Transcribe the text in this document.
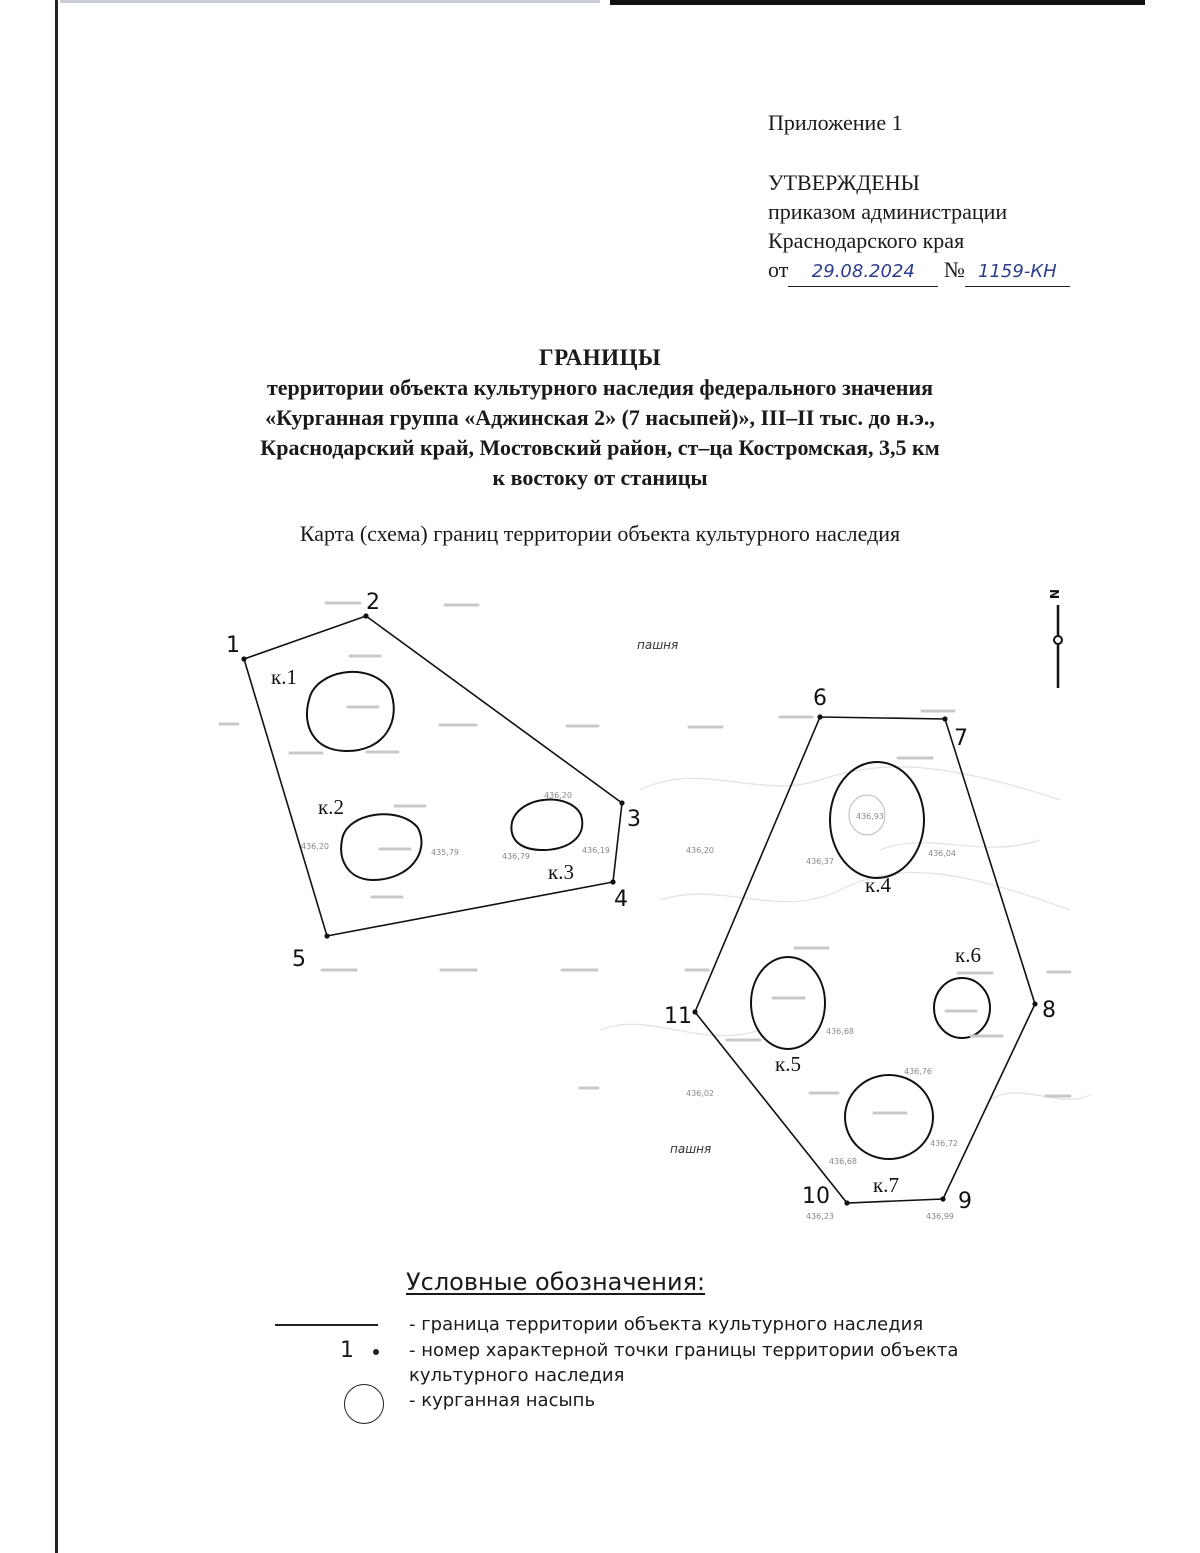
Приложение 1
УТВЕРЖДЕНЫ
приказом администрации
Краснодарского края
от 29.08.2024 № 1159-КН
ГРАНИЦЫ
территории объекта культурного наследия федерального значения
«Курганная группа «Аджинская 2» (7 насыпей)», III–II тыс. до н.э.,
Краснодарский край, Мостовский район, ст–ца Костромская, 3,5 км
к востоку от станицы
Карта (схема) границ территории объекта культурного наследия
N
пашня
пашня
1
2
3
4
5
6
7
8
9
10
11
к.1
к.2
к.3
к.4
к.5
к.6
к.7
436,93
436,37
436,04
436,20
435,79
436,20
436,19
436,79
436,68
436,72
436,68
436,76
436,99
436,23
436,20
436,02
Условные обозначения:
- граница территории объекта культурного наследия
1	- номер характерной точки границы территории объекта культурного наследия
- курганная насыпь
